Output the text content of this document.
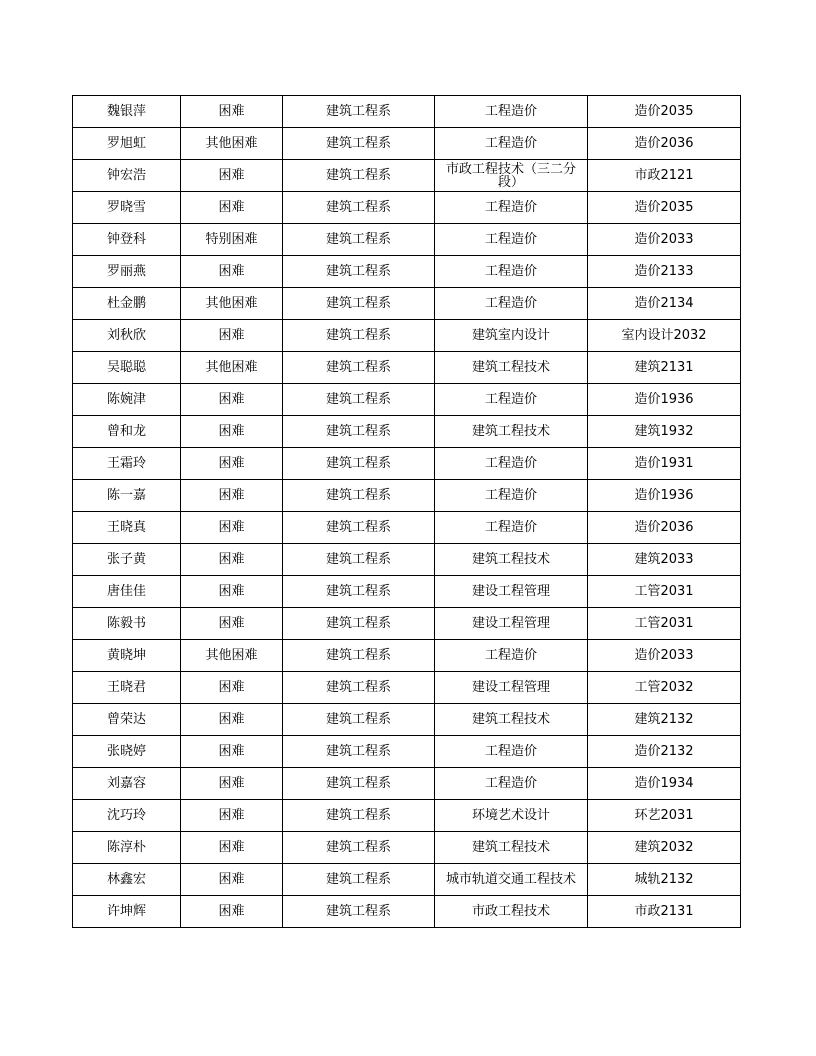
魏银萍	困难	建筑工程系	工程造价	造价2035
罗旭虹	其他困难	建筑工程系	工程造价	造价2036
钟宏浩	困难	建筑工程系	市政工程技术（三二分段）	市政2121
罗晓雪	困难	建筑工程系	工程造价	造价2035
钟登科	特别困难	建筑工程系	工程造价	造价2033
罗丽燕	困难	建筑工程系	工程造价	造价2133
杜金鹏	其他困难	建筑工程系	工程造价	造价2134
刘秋欣	困难	建筑工程系	建筑室内设计	室内设计2032
吴聪聪	其他困难	建筑工程系	建筑工程技术	建筑2131
陈婉津	困难	建筑工程系	工程造价	造价1936
曾和龙	困难	建筑工程系	建筑工程技术	建筑1932
王霜玲	困难	建筑工程系	工程造价	造价1931
陈一嘉	困难	建筑工程系	工程造价	造价1936
王晓真	困难	建筑工程系	工程造价	造价2036
张子黄	困难	建筑工程系	建筑工程技术	建筑2033
唐佳佳	困难	建筑工程系	建设工程管理	工管2031
陈毅书	困难	建筑工程系	建设工程管理	工管2031
黄晓坤	其他困难	建筑工程系	工程造价	造价2033
王晓君	困难	建筑工程系	建设工程管理	工管2032
曾荣达	困难	建筑工程系	建筑工程技术	建筑2132
张晓婷	困难	建筑工程系	工程造价	造价2132
刘嘉容	困难	建筑工程系	工程造价	造价1934
沈巧玲	困难	建筑工程系	环境艺术设计	环艺2031
陈淳朴	困难	建筑工程系	建筑工程技术	建筑2032
林鑫宏	困难	建筑工程系	城市轨道交通工程技术	城轨2132
许坤辉	困难	建筑工程系	市政工程技术	市政2131
